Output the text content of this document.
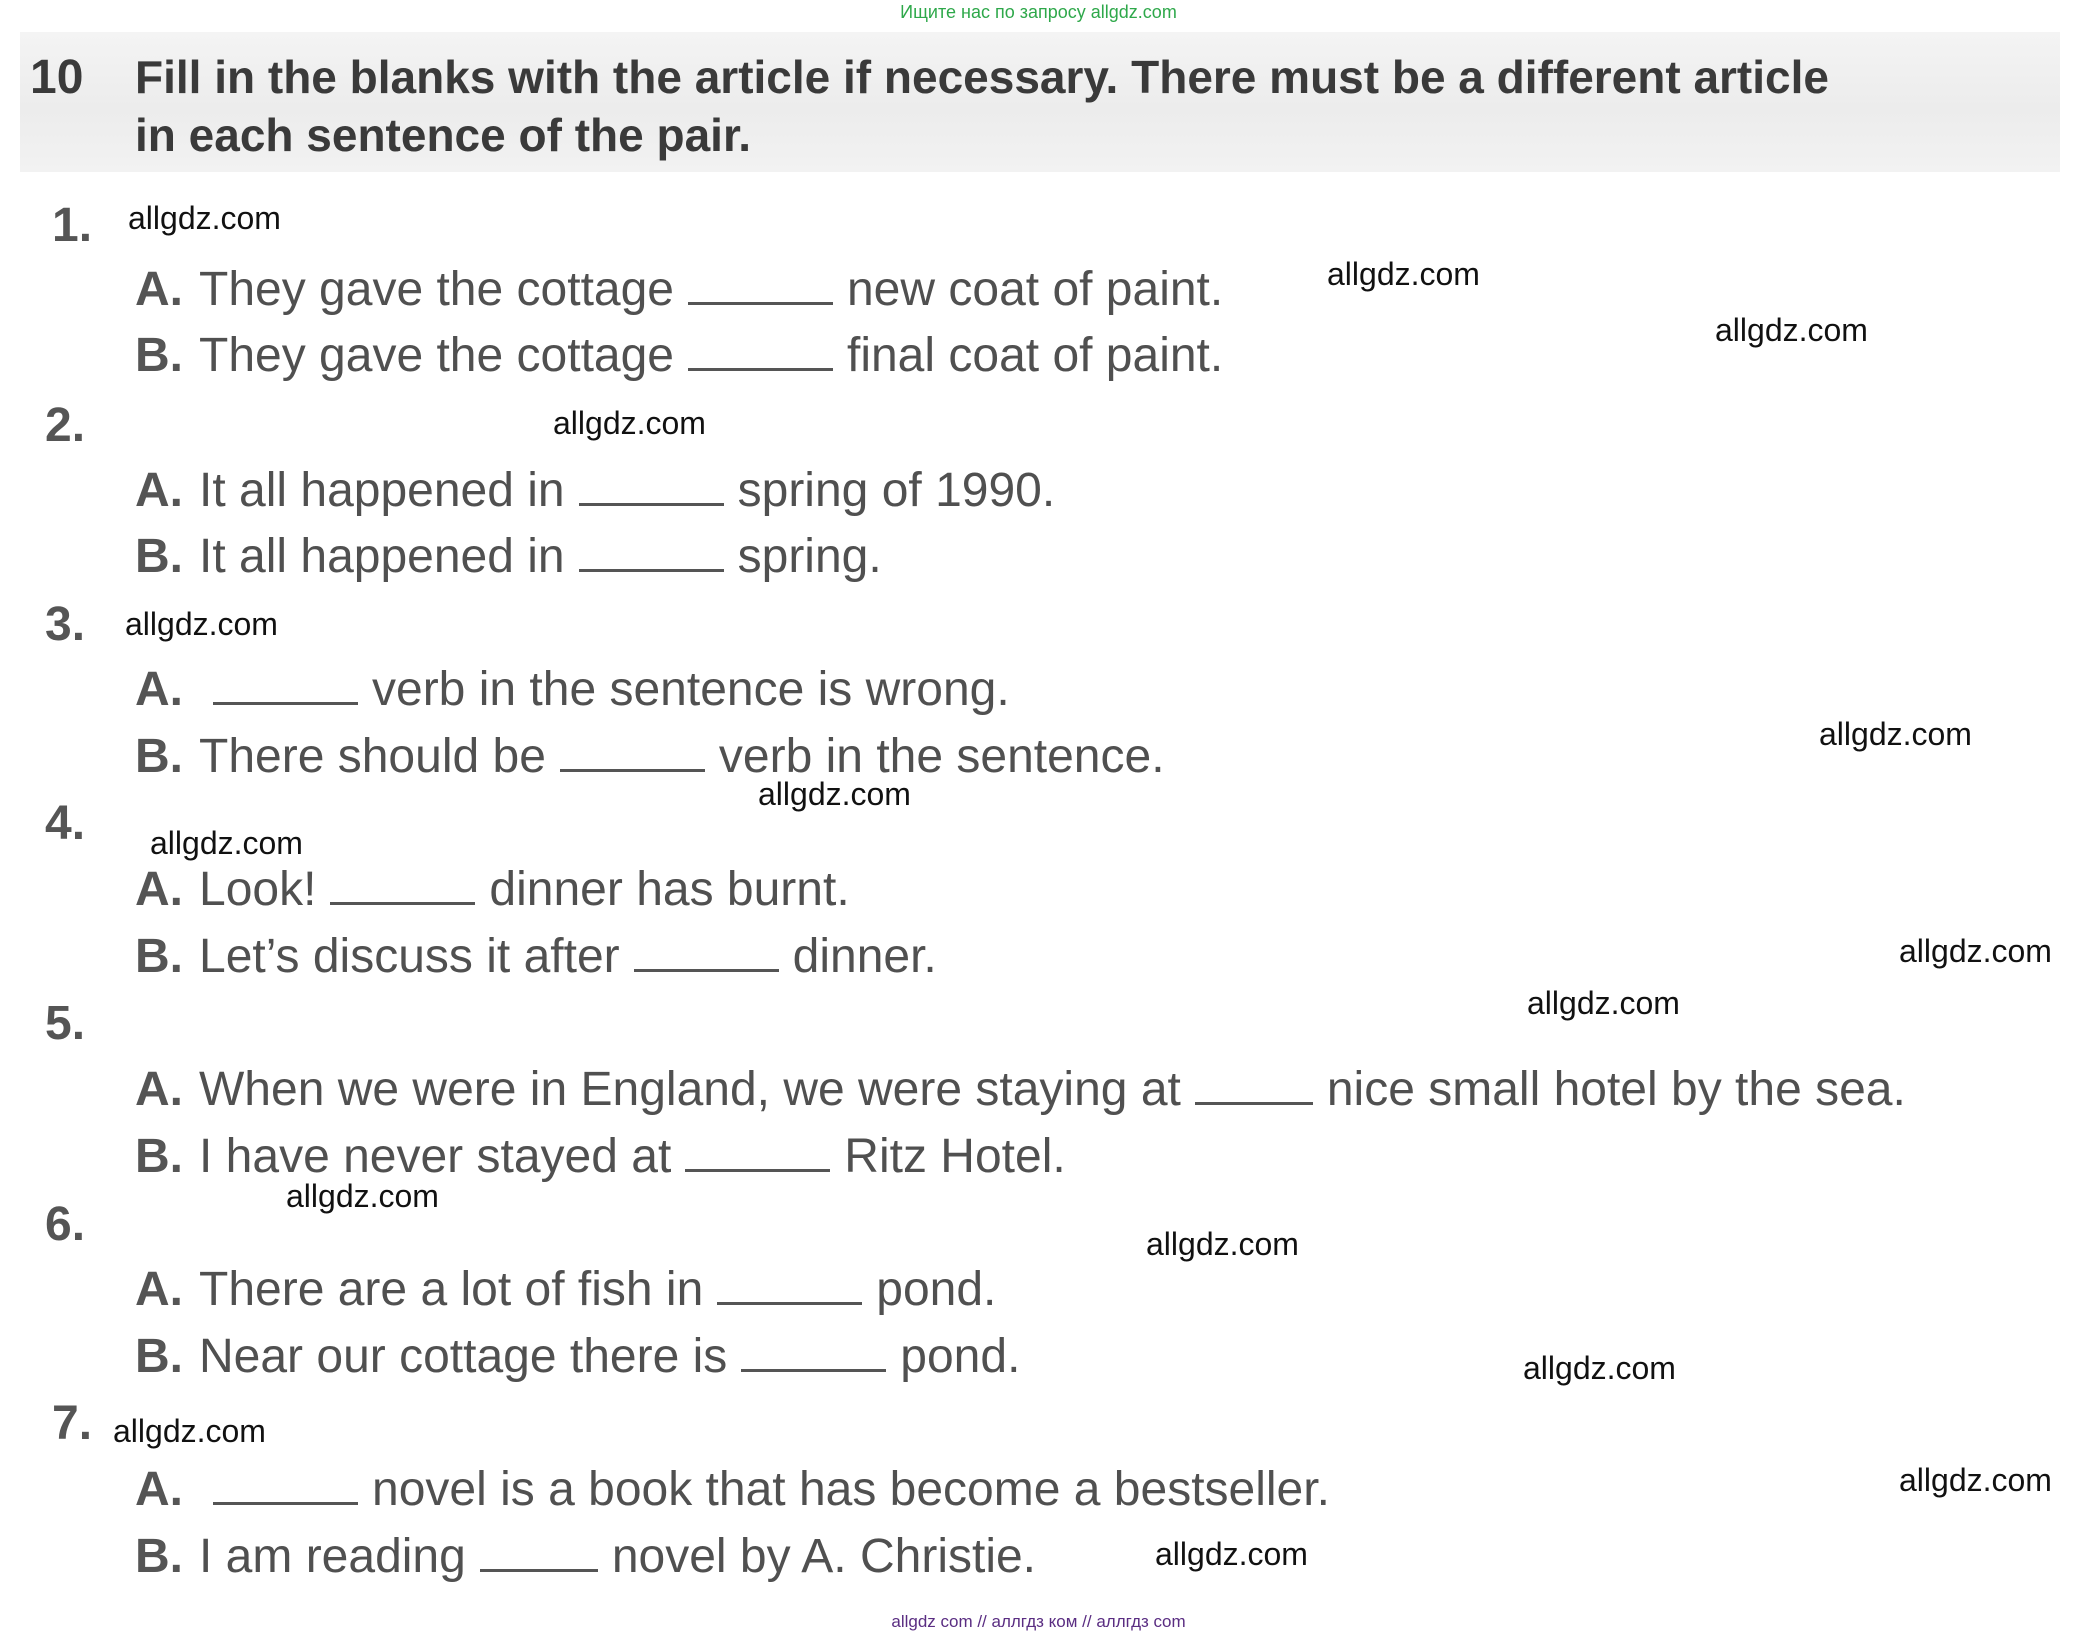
Ищите нас по запросу allgdz.com
10 Fill in the blanks with the article if necessary. There must be a different article in each sentence of the pair.
1.
A. They gave the cottage	new coat of paint.
B. They gave the cottage	final coat of paint.
2.
A. It all happened in	spring of 1990.
B. It all happened in	spring.
3.
A.	verb in the sentence is wrong.
B. There should be	verb in the sentence.
4.
A. Look!	dinner has burnt.
B. Let’s discuss it after	dinner.
5.
A. When we were in England, we were staying at	nice small hotel by the sea.
B. I have never stayed at	Ritz Hotel.
6.
A. There are a lot of fish in	pond.
B. Near our cottage there is	pond.
7.
A.	novel is a book that has become a bestseller.
B. I am reading	novel by A. Christie.
allgdz.com
allgdz.com
allgdz.com
allgdz.com
allgdz.com
allgdz.com
allgdz.com
allgdz.com
allgdz.com
allgdz.com
allgdz.com
allgdz.com
allgdz.com
allgdz.com
allgdz.com
allgdz.com
allgdz com // аллгдз ком // аллгдз com
